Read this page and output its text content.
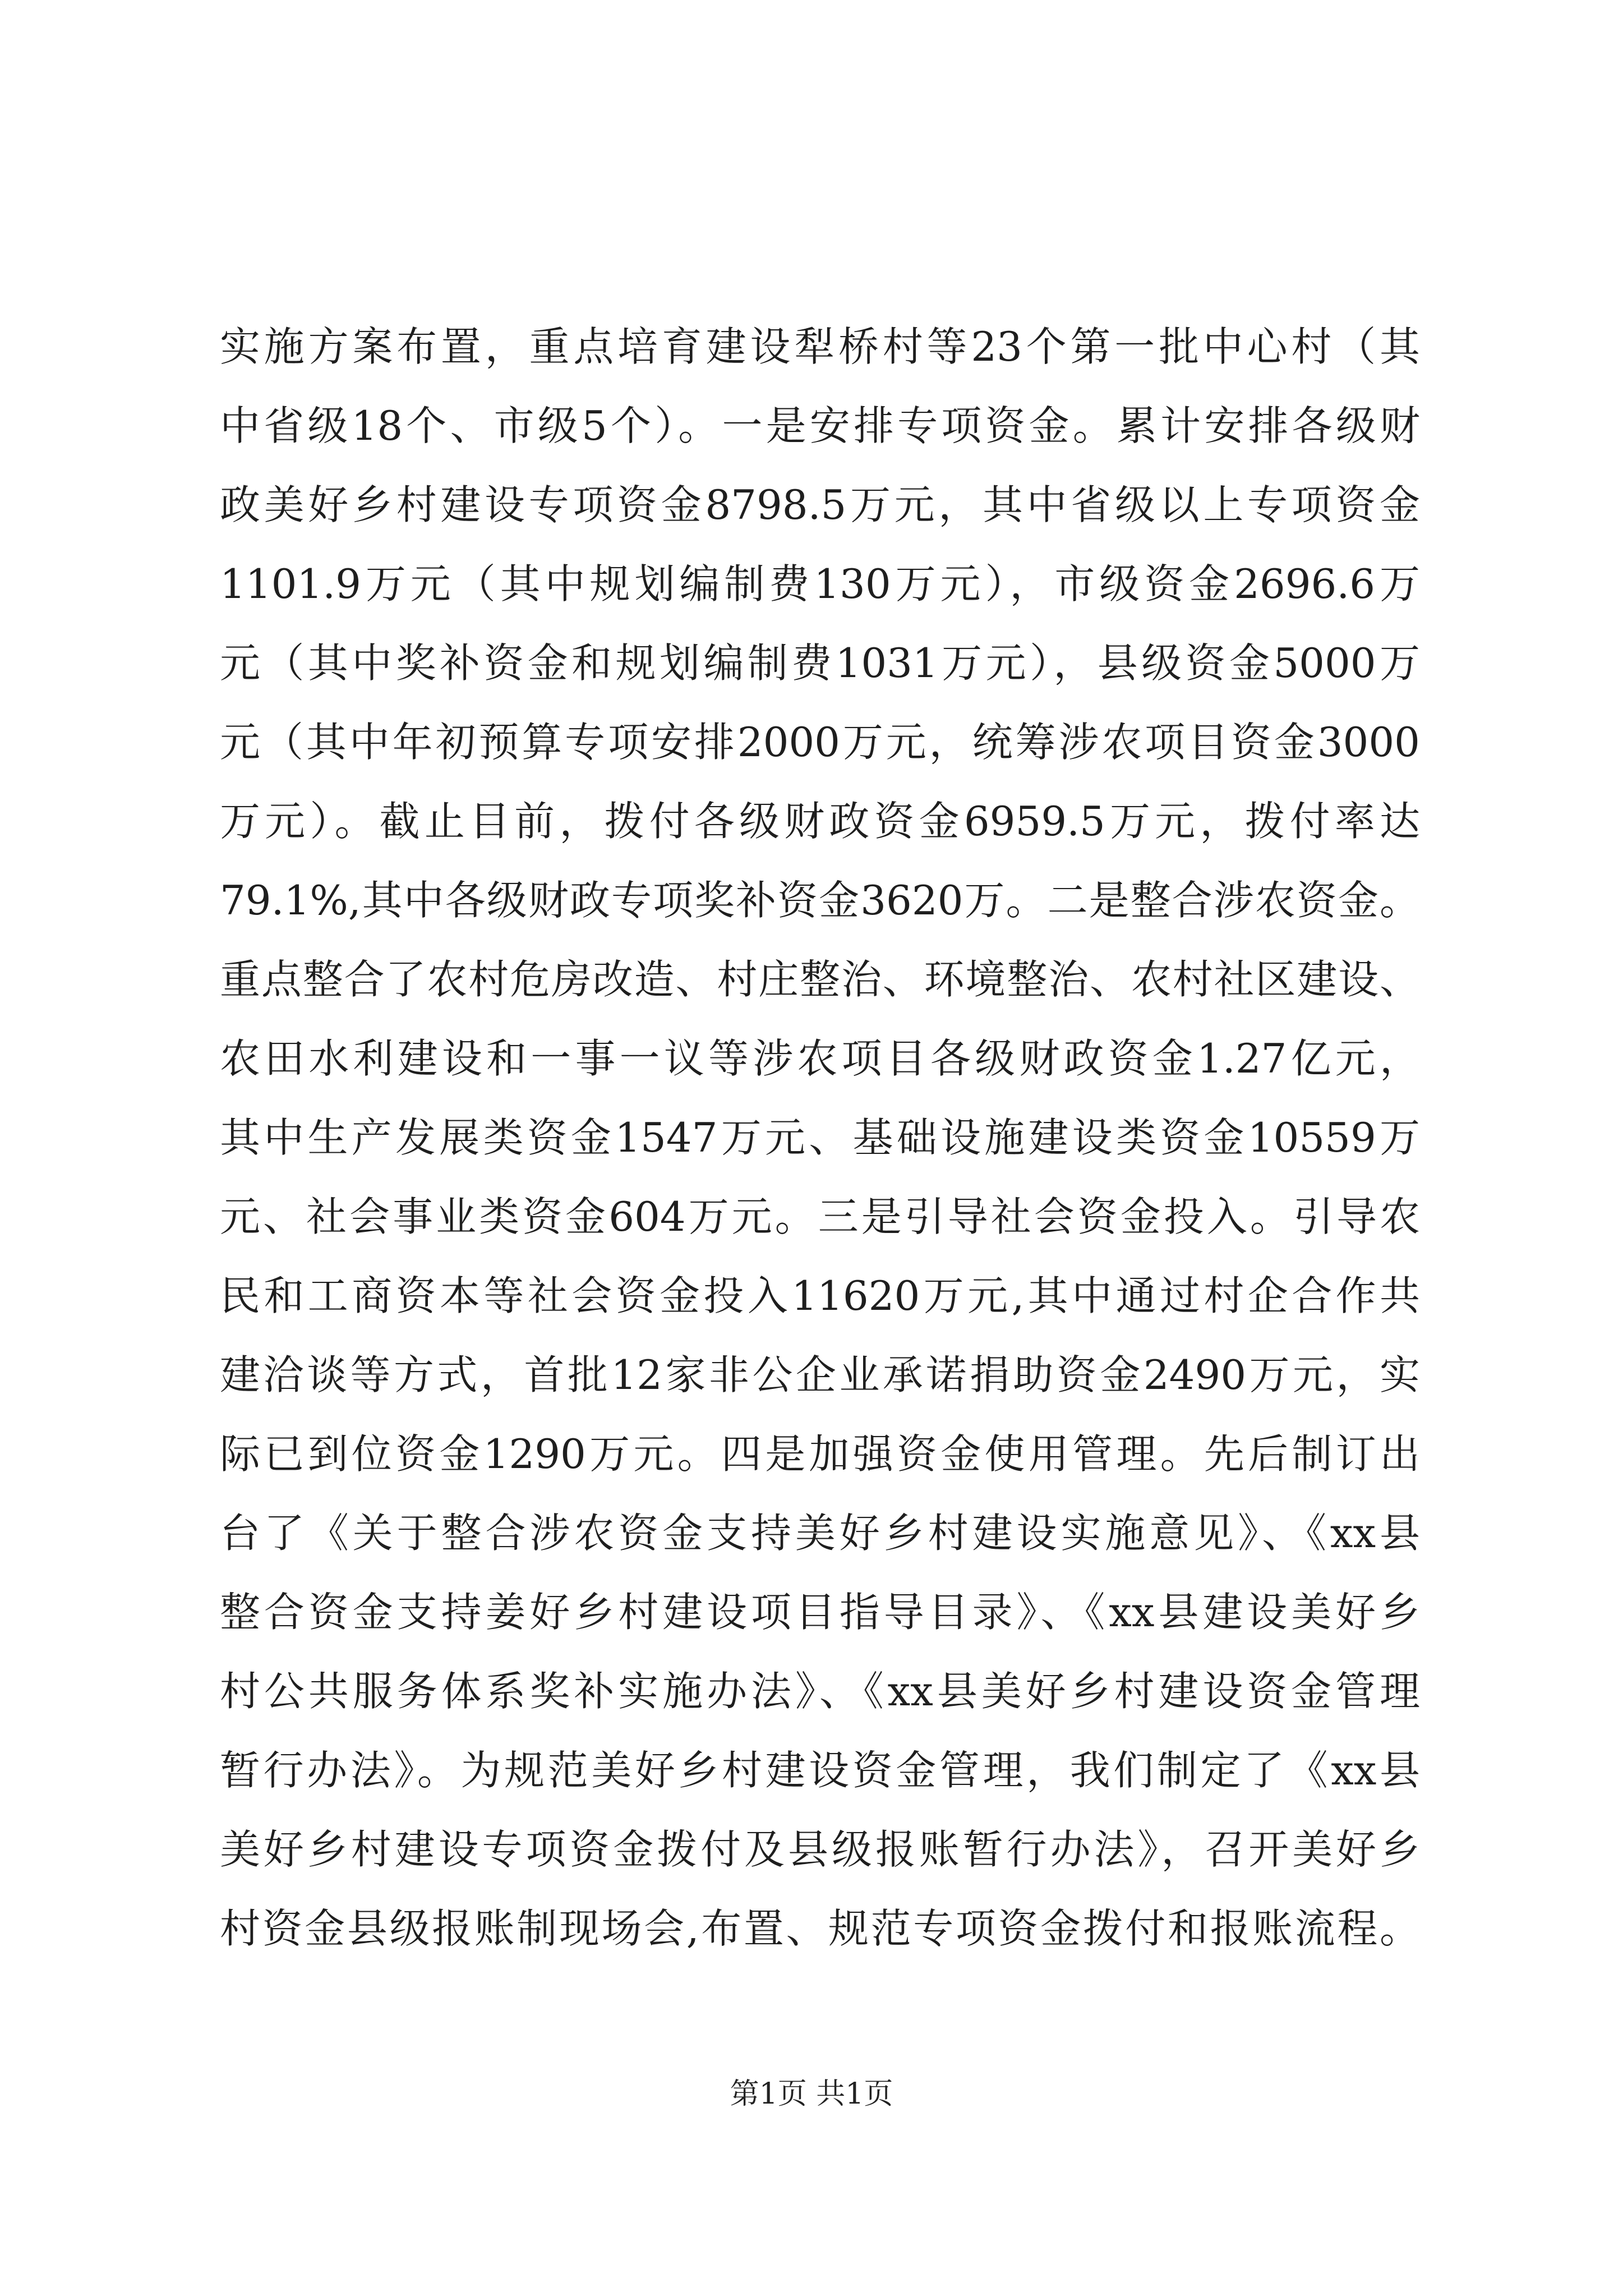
实施方案布置，重点培育建设犁桥村等23个第一批中心村（其
中省级18个、市级5个）。一是安排专项资金。累计安排各级财
政美好乡村建设专项资金8798.5万元，其中省级以上专项资金
1101.9万元（其中规划编制费130万元），市级资金2696.6万
元（其中奖补资金和规划编制费1031万元），县级资金5000万
元（其中年初预算专项安排2000万元，统筹涉农项目资金3000
万元）。截止目前，拨付各级财政资金6959.5万元，拨付率达
79.1%,其中各级财政专项奖补资金3620万。二是整合涉农资金。
重点整合了农村危房改造、村庄整治、环境整治、农村社区建设、
农田水利建设和一事一议等涉农项目各级财政资金1.27亿元，
其中生产发展类资金1547万元、基础设施建设类资金10559万
元、社会事业类资金604万元。三是引导社会资金投入。引导农
民和工商资本等社会资金投入11620万元,其中通过村企合作共
建洽谈等方式，首批12家非公企业承诺捐助资金2490万元，实
际已到位资金1290万元。四是加强资金使用管理。先后制订出
台了《关于整合涉农资金支持美好乡村建设实施意见》、《xx县
整合资金支持姜好乡村建设项目指导目录》、《xx县建设美好乡
村公共服务体系奖补实施办法》、《xx县美好乡村建设资金管理
暂行办法》。为规范美好乡村建设资金管理，我们制定了《xx县
美好乡村建设专项资金拨付及县级报账暂行办法》，召开美好乡
村资金县级报账制现场会,布置、规范专项资金拨付和报账流程。
第1页 共1页
